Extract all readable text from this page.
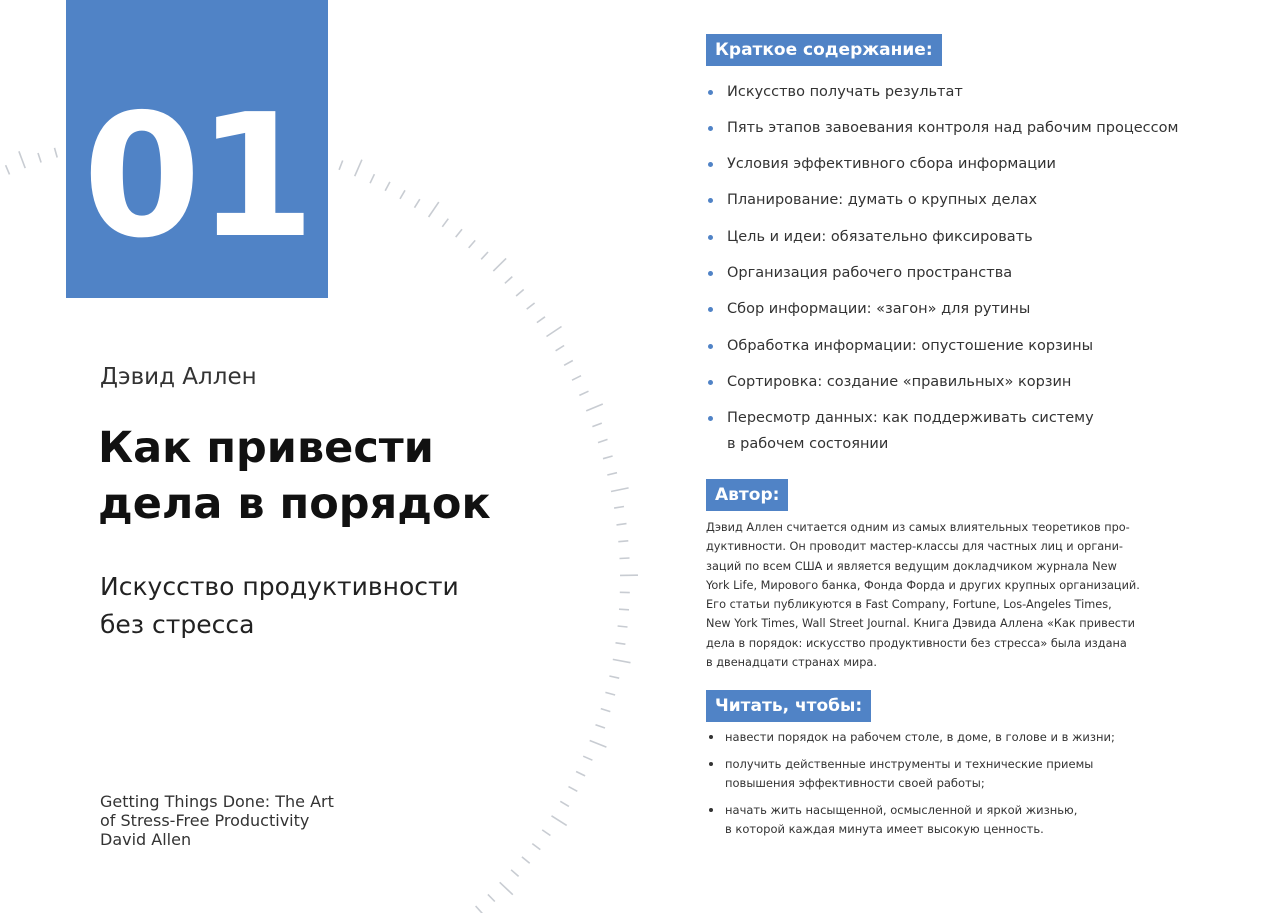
01
Дэвид Аллен
Как привести
дела в порядок
Искусство продуктивности
без стресса
Getting Things Done: The Art
of Stress-Free Productivity
David Allen
Краткое содержание:
Искусство получать результат
Пять этапов завоевания контроля над рабочим процессом
Условия эффективного сбора информации
Планирование: думать о крупных делах
Цель и идеи: обязательно фиксировать
Организация рабочего пространства
Сбор информации: «загон» для рутины
Обработка информации: опустошение корзины
Сортировка: создание «правильных» корзин
Пересмотр данных: как поддерживать систему
в рабочем состоянии
Автор:
Дэвид Аллен считается одним из самых влиятельных теоретиков про-
дуктивности. Он проводит мастер-классы для частных лиц и органи-
заций по всем США и является ведущим докладчиком журнала New
York Life, Мирового банка, Фонда Форда и других крупных организаций.
Его статьи публикуются в Fast Company, Fortune, Los-Angeles Times,
New York Times, Wall Street Journal. Книга Дэвида Аллена «Как привести
дела в порядок: искусство продуктивности без стресса» была издана
в двенадцати странах мира.
Читать, чтобы:
навести порядок на рабочем столе, в доме, в голове и в жизни;
получить действенные инструменты и технические приемы
повышения эффективности своей работы;
начать жить насыщенной, осмысленной и яркой жизнью,
в которой каждая минута имеет высокую ценность.
